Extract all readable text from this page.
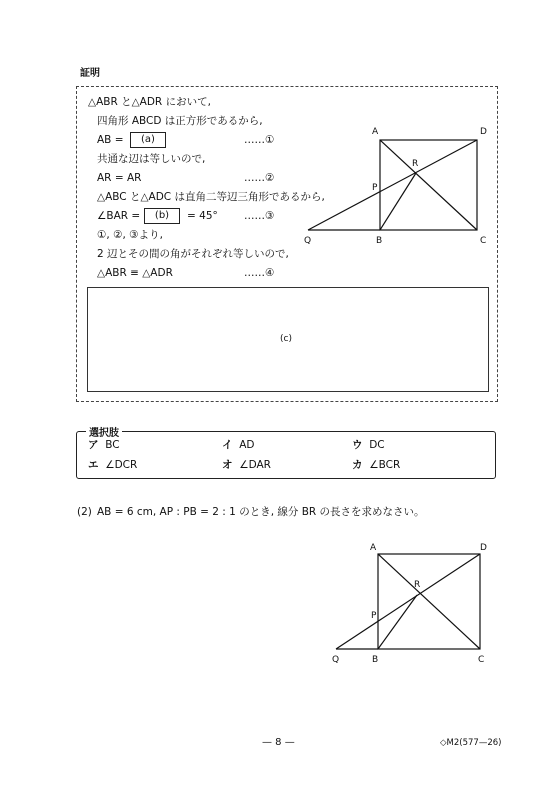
証明
△ABR と△ADR において,
四角形 ABCD は正方形であるから,
AB =	(a)	……①
共通な辺は等しいので,
AR = AR	……②
△ABC と△ADC は直角二等辺三角形であるから,
∠BAR =	(b)	= 45°	……③
①, ②, ③より,
2 辺とその間の角がそれぞれ等しいので,
△ABR ≡ △ADR	……④
(c)
A	D
R
P
Q	B	C
選択肢
ア BC	イ AD	ウ DC
エ ∠DCR	オ ∠DAR	カ ∠BCR
(2) AB = 6 cm, AP : PB = 2 : 1 のとき, 線分 BR の長さを求めなさい。
A	D
R
P
Q	B	C
— 8 —	◇M2(577—26)
